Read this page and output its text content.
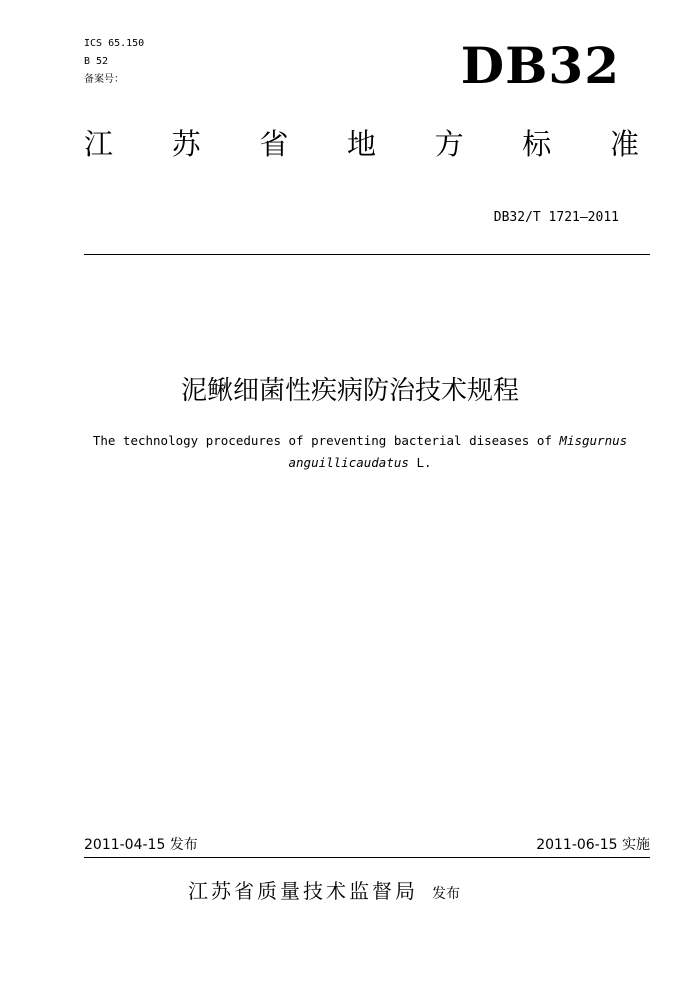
ICS 65.150
B 52
备案号：	DB32
江 苏 省 地 方 标 准
DB32/T 1721—2011
泥鳅细菌性疾病防治技术规程
The technology procedures of preventing bacterial diseases of Misgurnus
anguillicaudatus L.
2011-04-15 发布	2011-06-15 实施
江苏省质量技术监督局 发布
